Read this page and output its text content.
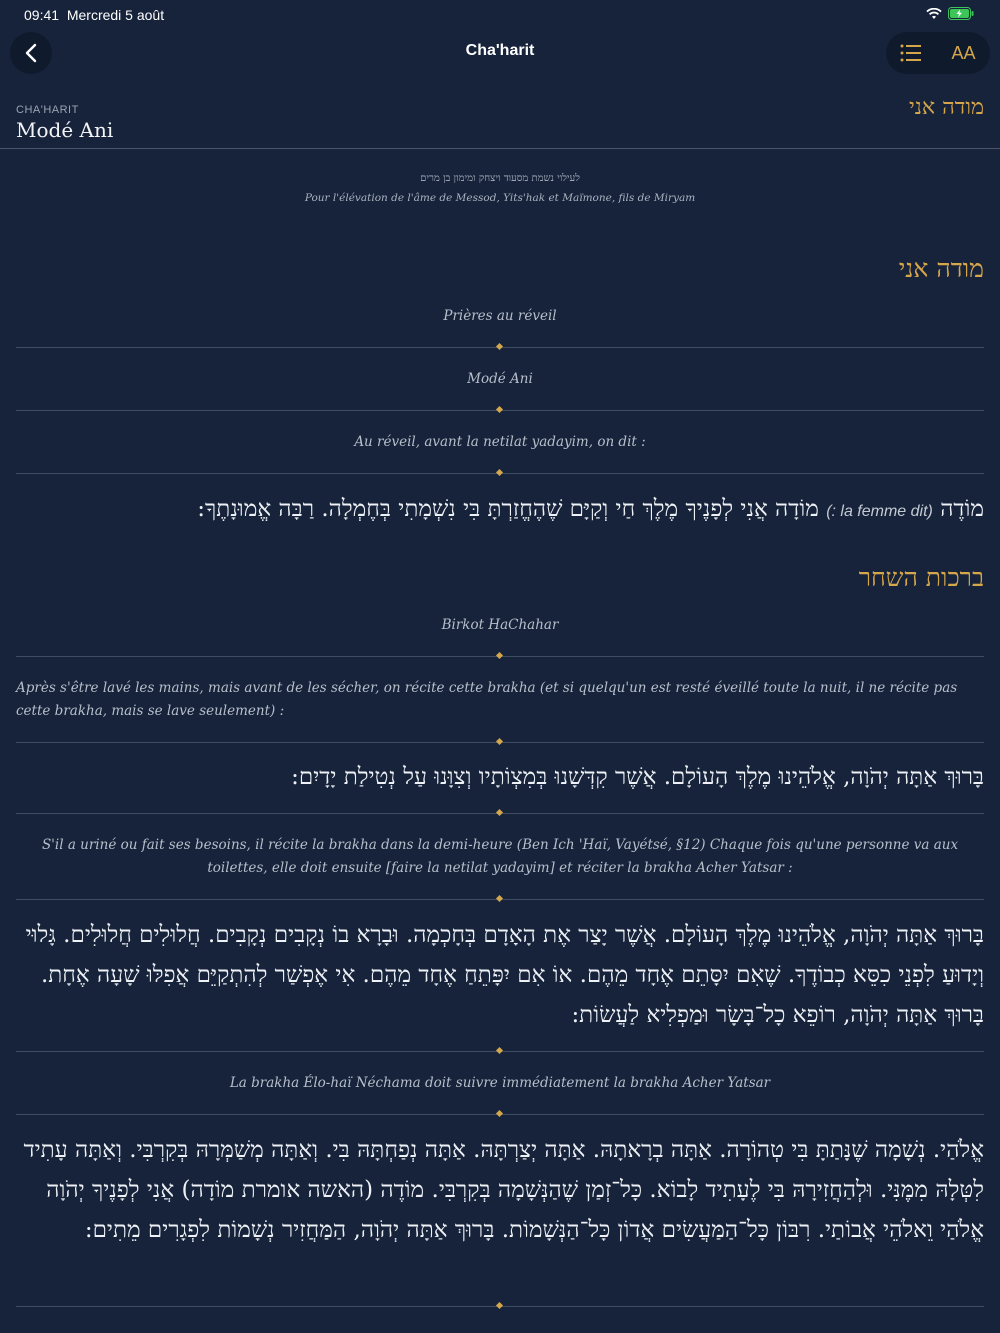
09:41 Mercredi 5 août
Cha'harit	AA
CHA'HARIT
Modé Ani
מודה אני
לעילוי נשמת מסעוד ויצחק ומימון בן מרים
Pour l'élévation de l'âme de Messod, Yits'hak et Maïmone, fils de Miryam
מודה אני
Prières au réveil
Modé Ani
Au réveil, avant la netilat yadayim, on dit :
מוֹדֶה (la femme dit :) מוֹדָה אֲנִי לְפָנֶיךָ מֶלֶךְ חַי וְקַיָּם שֶׁהֶחֱזַרְתָּ בִּי נִשְׁמָתִי בְּחֶמְלָה. רַבָּה אֱמוּנָתֶךָ:
ברכות השחר
Birkot HaChahar
Après s'être lavé les mains, mais avant de les sécher, on récite cette brakha (et si quelqu'un est resté éveillé toute la nuit, il ne récite pas cette brakha, mais se lave seulement) :
בָּרוּךְ אַתָּה יְהֹוָה, אֱלֹהֵינוּ מֶלֶךְ הָעוֹלָם. אֲשֶׁר קִדְּשָׁנוּ בְּמִצְוֹתָיו וְצִוָּנוּ עַל נְטִילַת יָדָיִם:
S'il a uriné ou fait ses besoins, il récite la brakha dans la demi-heure (Ben Ich 'Haï, Vayétsé, §12) Chaque fois qu'une personne va aux toilettes, elle doit ensuite [faire la netilat yadayim] et réciter la brakha Acher Yatsar :
בָּרוּךְ אַתָּה יְהֹוָה, אֱלֹהֵינוּ מֶלֶךְ הָעוֹלָם. אֲשֶׁר יָצַר אֶת הָאָדָם בְּחָכְמָה. וּבָרָא בוֹ נְקָבִים נְקָבִים. חֲלוּלִים חֲלוּלִים. גָּלוּי וְיָדוּעַ לִפְנֵי כִסֵּא כְבוֹדֶךָ. שֶׁאִם יִסָּתֵם אֶחָד מֵהֶם. אוֹ אִם יִפָּתֵחַ אֶחָד מֵהֶם. אִי אֶפְשַׁר לְהִתְקַיֵּם אֲפִלּוּ שָׁעָה אֶחָת. בָּרוּךְ אַתָּה יְהֹוָה, רוֹפֵא כָל־בָּשָׂר וּמַפְלִיא לַעֲשׂוֹת:
La brakha Élo-haï Néchama doit suivre immédiatement la brakha Acher Yatsar
אֱלֹהַי. נְשָׁמָה שֶׁנָּתַתָּ בִּי טְהוֹרָה. אַתָּה בְרָאתָהּ. אַתָּה יְצַרְתָּהּ. אַתָּה נְפַחְתָּהּ בִּי. וְאַתָּה מְשַׁמְּרָהּ בְּקִרְבִּי. וְאַתָּה עָתִיד לִטְּלָהּ מִמֶּנִּי. וּלְהַחֲזִירָהּ בִּי לֶעָתִיד לָבוֹא. כָּל־זְמַן שֶׁהַנְּשָׁמָה בְּקִרְבִּי. מוֹדֶה (האשה אומרת מוֹדָה) אֲנִי לְפָנֶיךָ יְהֹוָה אֱלֹהַי וֵאלֹהֵי אֲבוֹתַי. רִבּוֹן כָּל־הַמַּעֲשִׂים אֲדוֹן כָּל־הַנְּשָׁמוֹת. בָּרוּךְ אַתָּה יְהֹוָה, הַמַּחֲזִיר נְשָׁמוֹת לִפְגָרִים מֵתִים:
